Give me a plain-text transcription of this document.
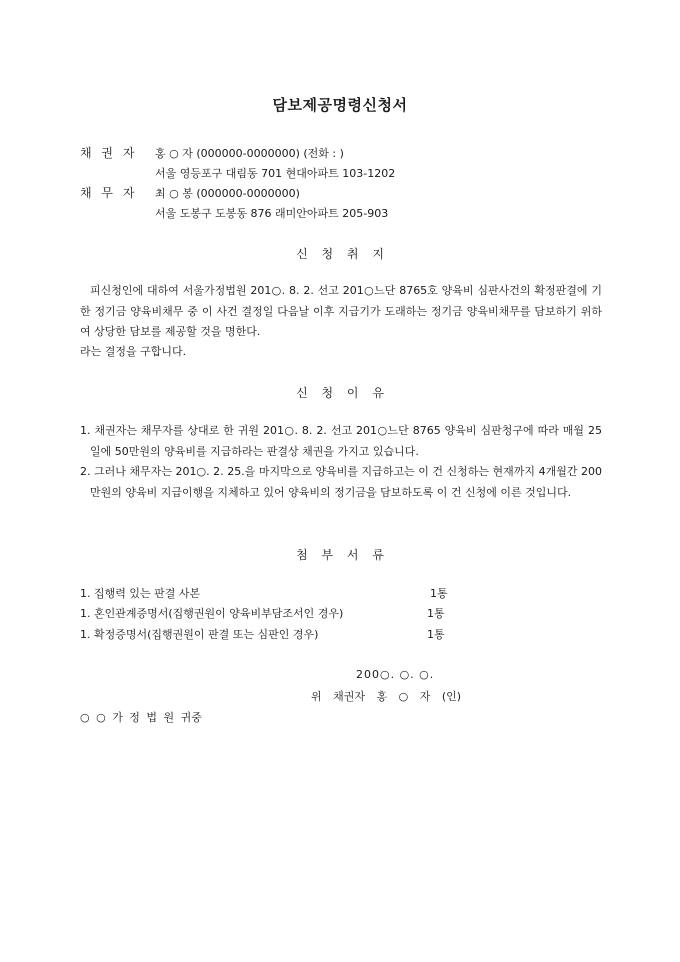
담보제공명령신청서
채 권 자 홍 ○ 자 (000000-0000000) (전화 : )
서울 영등포구 대림동 701 현대아파트 103-1202
채 무 자 최 ○ 봉 (000000-0000000)
서울 도봉구 도봉동 876 래미안아파트 205-903
신 청 취 지
피신청인에 대하여 서울가정법원 201○. 8. 2. 선고 201○느단 8765호 양육비 심판사건의 확정판결에 기한 정기금 양육비채무 중 이 사건 결정일 다음날 이후 지급기가 도래하는 정기금 양육비채무를 담보하기 위하여 상당한 담보를 제공할 것을 명한다.
라는 결정을 구합니다.
신 청 이 유
1. 채권자는 채무자를 상대로 한 귀원 201○. 8. 2. 선고 201○느단 8765 양육비 심판청구에 따라 매월 25일에 50만원의 양육비를 지급하라는 판결상 채권을 가지고 있습니다.
2. 그러나 채무자는 201○. 2. 25.을 마지막으로 양육비를 지급하고는 이 건 신청하는 현재까지 4개월간 200만원의 양육비 지급이행을 지체하고 있어 양육비의 정기금을 담보하도록 이 건 신청에 이른 것입니다.
첨 부 서 류
1. 집행력 있는 판결 사본	1통
1. 혼인관계증명서(집행권원이 양육비부담조서인 경우)	1통
1. 확정증명서(집행권원이 판결 또는 심판인 경우)	1통
200○. ○. ○.
위 채권자 홍 ○ 자 (인)
○ ○ 가 정 법 원 귀중
